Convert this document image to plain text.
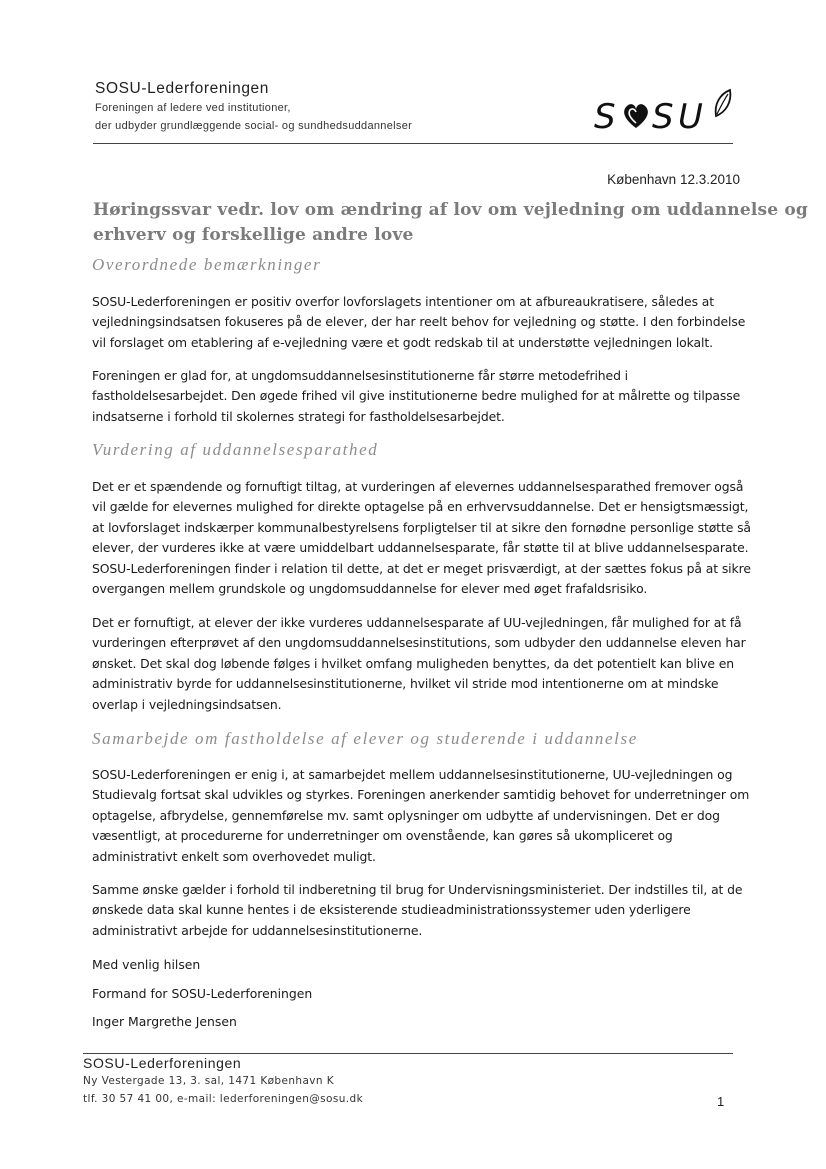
SOSU-Lederforeningen
Foreningen af ledere ved institutioner,
der udbyder grundlæggende social- og sundhedsuddannelser	S S U
København 12.3.2010
Høringssvar vedr. lov om ændring af lov om vejledning om uddannelse og
erhverv og forskellige andre love
Overordnede bemærkninger
SOSU-Lederforeningen er positiv overfor lovforslagets intentioner om at afbureaukratisere, således at
vejledningsindsatsen fokuseres på de elever, der har reelt behov for vejledning og støtte. I den forbindelse
vil forslaget om etablering af e-vejledning være et godt redskab til at understøtte vejledningen lokalt.
Foreningen er glad for, at ungdomsuddannelsesinstitutionerne får større metodefrihed i
fastholdelsesarbejdet. Den øgede frihed vil give institutionerne bedre mulighed for at målrette og tilpasse
indsatserne i forhold til skolernes strategi for fastholdelsesarbejdet.
Vurdering af uddannelsesparathed
Det er et spændende og fornuftigt tiltag, at vurderingen af elevernes uddannelsesparathed fremover også
vil gælde for elevernes mulighed for direkte optagelse på en erhvervsuddannelse. Det er hensigtsmæssigt,
at lovforslaget indskærper kommunalbestyrelsens forpligtelser til at sikre den fornødne personlige støtte så
elever, der vurderes ikke at være umiddelbart uddannelsesparate, får støtte til at blive uddannelsesparate.
SOSU-Lederforeningen finder i relation til dette, at det er meget prisværdigt, at der sættes fokus på at sikre
overgangen mellem grundskole og ungdomsuddannelse for elever med øget frafaldsrisiko.
Det er fornuftigt, at elever der ikke vurderes uddannelsesparate af UU-vejledningen, får mulighed for at få
vurderingen efterprøvet af den ungdomsuddannelsesinstitutions, som udbyder den uddannelse eleven har
ønsket. Det skal dog løbende følges i hvilket omfang muligheden benyttes, da det potentielt kan blive en
administrativ byrde for uddannelsesinstitutionerne, hvilket vil stride mod intentionerne om at mindske
overlap i vejledningsindsatsen.
Samarbejde om fastholdelse af elever og studerende i uddannelse
SOSU-Lederforeningen er enig i, at samarbejdet mellem uddannelsesinstitutionerne, UU-vejledningen og
Studievalg fortsat skal udvikles og styrkes. Foreningen anerkender samtidig behovet for underretninger om
optagelse, afbrydelse, gennemførelse mv. samt oplysninger om udbytte af undervisningen. Det er dog
væsentligt, at procedurerne for underretninger om ovenstående, kan gøres så ukompliceret og
administrativt enkelt som overhovedet muligt.
Samme ønske gælder i forhold til indberetning til brug for Undervisningsministeriet. Der indstilles til, at de
ønskede data skal kunne hentes i de eksisterende studieadministrationssystemer uden yderligere
administrativt arbejde for uddannelsesinstitutionerne.
Med venlig hilsen
Formand for SOSU-Lederforeningen
Inger Margrethe Jensen
SOSU-Lederforeningen
Ny Vestergade 13, 3. sal, 1471 København K
tlf. 30 57 41 00, e-mail: lederforeningen@sosu.dk	1
